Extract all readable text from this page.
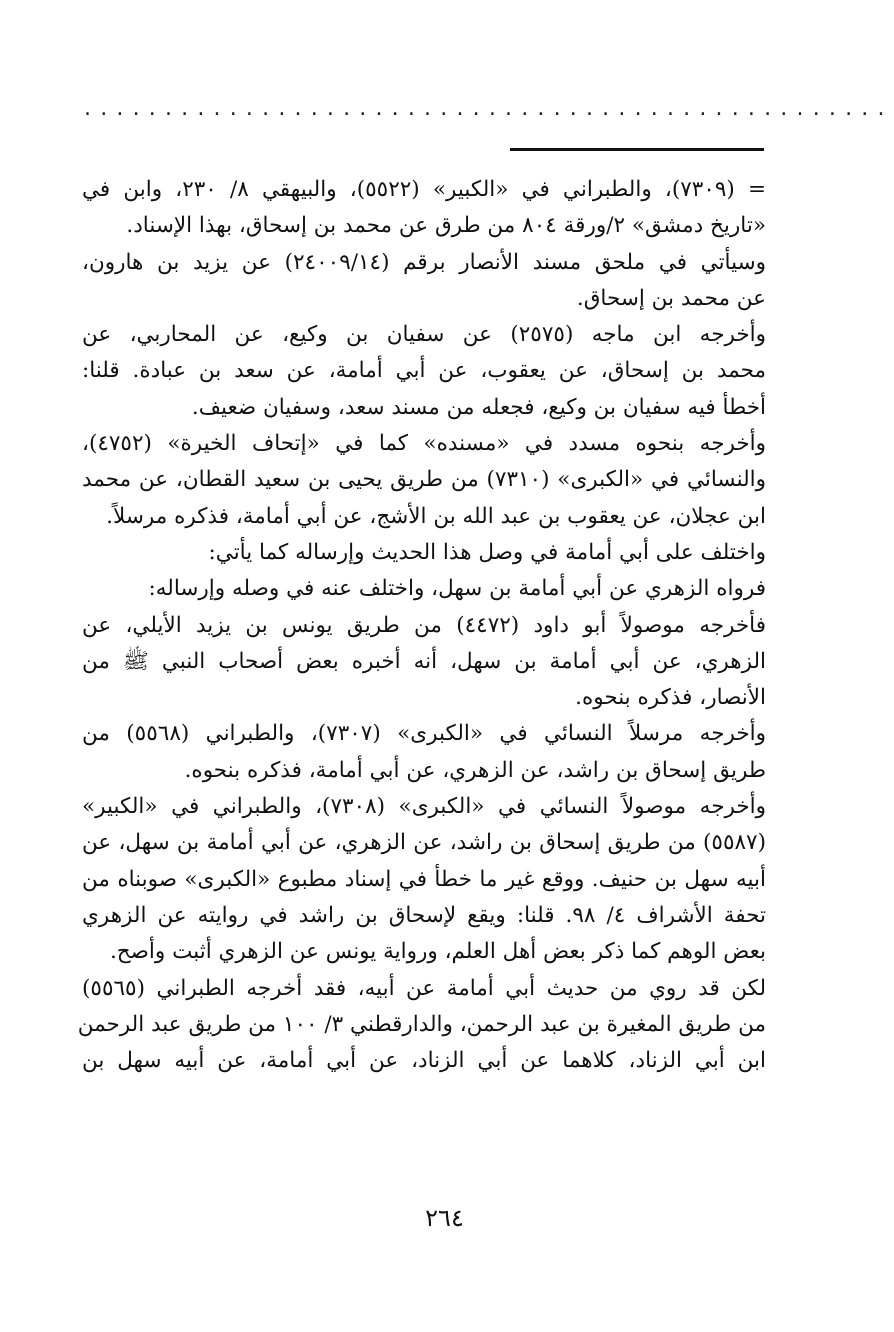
..................................................
= (٧٣٠٩)، والطبراني في «الكبير» (٥٥٢٢)، والبيهقي ٨/ ٢٣٠، وابن في
«تاريخ دمشق» ٢/ورقة ٨٠٤ من طرق عن محمد بن إسحاق، بهذا الإسناد.
وسيأتي في ملحق مسند الأنصار برقم (٢٤٠٠٩/١٤) عن يزيد بن هارون،
عن محمد بن إسحاق.
وأخرجه ابن ماجه (٢٥٧٥) عن سفيان بن وكيع، عن المحاربي، عن
محمد بن إسحاق، عن يعقوب، عن أبي أمامة، عن سعد بن عبادة. قلنا:
أخطأ فيه سفيان بن وكيع، فجعله من مسند سعد، وسفيان ضعيف.
وأخرجه بنحوه مسدد في «مسنده» كما في «إتحاف الخيرة» (٤٧٥٢)،
والنسائي في «الكبرى» (٧٣١٠) من طريق يحيى بن سعيد القطان، عن محمد
ابن عجلان، عن يعقوب بن عبد الله بن الأشج، عن أبي أمامة، فذكره مرسلاً.
واختلف على أبي أمامة في وصل هذا الحديث وإرساله كما يأتي:
فرواه الزهري عن أبي أمامة بن سهل، واختلف عنه في وصله وإرساله:
فأخرجه موصولاً أبو داود (٤٤٧٢) من طريق يونس بن يزيد الأيلي، عن
الزهري، عن أبي أمامة بن سهل، أنه أخبره بعض أصحاب النبي ﷺ من
الأنصار، فذكره بنحوه.
وأخرجه مرسلاً النسائي في «الكبرى» (٧٣٠٧)، والطبراني (٥٥٦٨) من
طريق إسحاق بن راشد، عن الزهري، عن أبي أمامة، فذكره بنحوه.
وأخرجه موصولاً النسائي في «الكبرى» (٧٣٠٨)، والطبراني في «الكبير»
(٥٥٨٧) من طريق إسحاق بن راشد، عن الزهري، عن أبي أمامة بن سهل، عن
أبيه سهل بن حنيف. ووقع غير ما خطأ في إسناد مطبوع «الكبرى» صوبناه من
تحفة الأشراف ٤/ ٩٨. قلنا: ويقع لإسحاق بن راشد في روايته عن الزهري
بعض الوهم كما ذكر بعض أهل العلم، ورواية يونس عن الزهري أثبت وأصح.
لكن قد روي من حديث أبي أمامة عن أبيه، فقد أخرجه الطبراني (٥٥٦٥)
من طريق المغيرة بن عبد الرحمن، والدارقطني ٣/ ١٠٠ من طريق عبد الرحمن
ابن أبي الزناد، كلاهما عن أبي الزناد، عن أبي أمامة، عن أبيه سهل بن
٢٦٤
